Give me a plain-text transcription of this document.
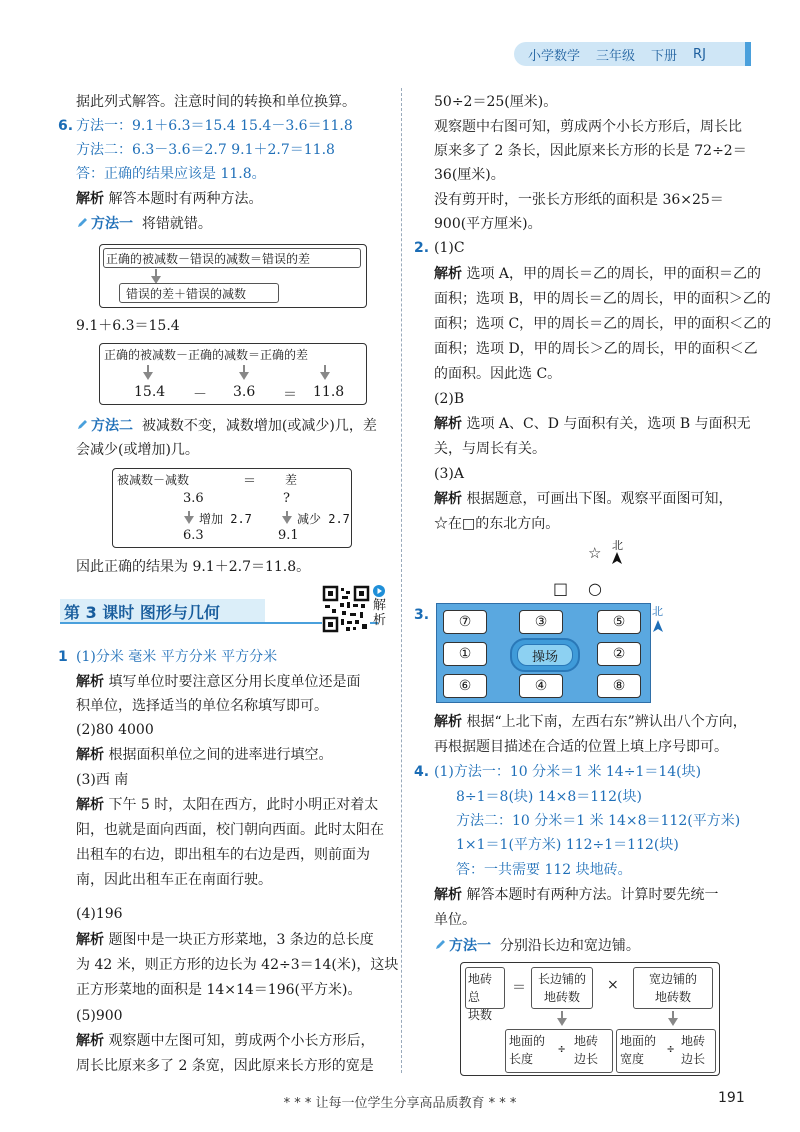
小学数学 三年级 下册 RJ
据此列式解答。注意时间的转换和单位换算。
6. 方法一：9.1＋6.3＝15.4 15.4－3.6＝11.8
方法二：6.3－3.6＝2.7 9.1＋2.7＝11.8
答：正确的结果应该是 11.8。
解析 解答本题时有两种方法。
方法一
将错就错。
正确的被减数－错误的减数＝错误的差
错误的差＋错误的减数
9.1＋6.3＝15.4
正确的被减数－正确的减数＝正确的差
15.4 － 3.6 ＝ 11.8
方法二
被减数不变，减数增加(或减少)几，差
会减少(或增加)几。
被减数－减数	＝ 差
3.6	?
增加 2.7	减少 2.7
6.3	9.1
因此正确的结果为 9.1＋2.7＝11.8。
第 3 课时 图形与几何	解
析
1 (1)分米 毫米 平方分米 平方分米
解析 填写单位时要注意区分用长度单位还是面
积单位，选择适当的单位名称填写即可。
(2)80 4000
解析 根据面积单位之间的进率进行填空。
(3)西 南
解析 下午 5 时，太阳在西方，此时小明正对着太
阳，也就是面向西面，校门朝向西面。此时太阳在
出租车的右边，即出租车的右边是西，则前面为
南，因此出租车正在南面行驶。
(4)196
解析 题图中是一块正方形菜地，3 条边的总长度
为 42 米，则正方形的边长为 42÷3＝14(米)，这块
正方形菜地的面积是 14×14＝196(平方米)。
(5)900
解析 观察题中左图可知，剪成两个小长方形后，
周长比原来多了 2 条宽，因此原来长方形的宽是
50÷2＝25(厘米)。
观察题中右图可知，剪成两个小长方形后，周长比
原来多了 2 条长，因此原来长方形的长是 72÷2＝
36(厘米)。
没有剪开时，一张长方形纸的面积是 36×25＝
900(平方厘米)。
2. (1)C
解析 选项 A，甲的周长＝乙的周长，甲的面积＝乙的
面积；选项 B，甲的周长＝乙的周长，甲的面积＞乙的
面积；选项 C，甲的周长＝乙的周长，甲的面积＜乙的
面积；选项 D，甲的周长＞乙的周长，甲的面积＜乙
的面积。因此选 C。
(2)B
解析 选项 A、C、D 与面积有关，选项 B 与面积无
关，与周长有关。
(3)A
解析 根据题意，可画出下图。观察平面图可知，
☆在□的东北方向。
☆ 北
□ ○
3.	⑦	③	⑤
①	操场	②
⑥	④	⑧
北
解析 根据“上北下南，左西右东”辨认出八个方向，
再根据题目描述在合适的位置上填上序号即可。
4. (1)方法一：10 分米＝1 米 14÷1＝14(块)
8÷1＝8(块) 14×8＝112(块)
方法二：10 分米＝1 米 14×8＝112(平方米)
1×1＝1(平方米) 112÷1＝112(块)
答：一共需要 112 块地砖。
解析 解答本题时有两种方法。计算时要先统一
单位。
方法一
分别沿长边和宽边铺。
地砖总
块数
＝
长边铺的
地砖数
×	宽边铺的
地砖数
地面的
长度
÷
地砖
边长
地面的
宽度
÷
地砖
边长
* * * 让每一位学生分享高品质教育 * * *	191
